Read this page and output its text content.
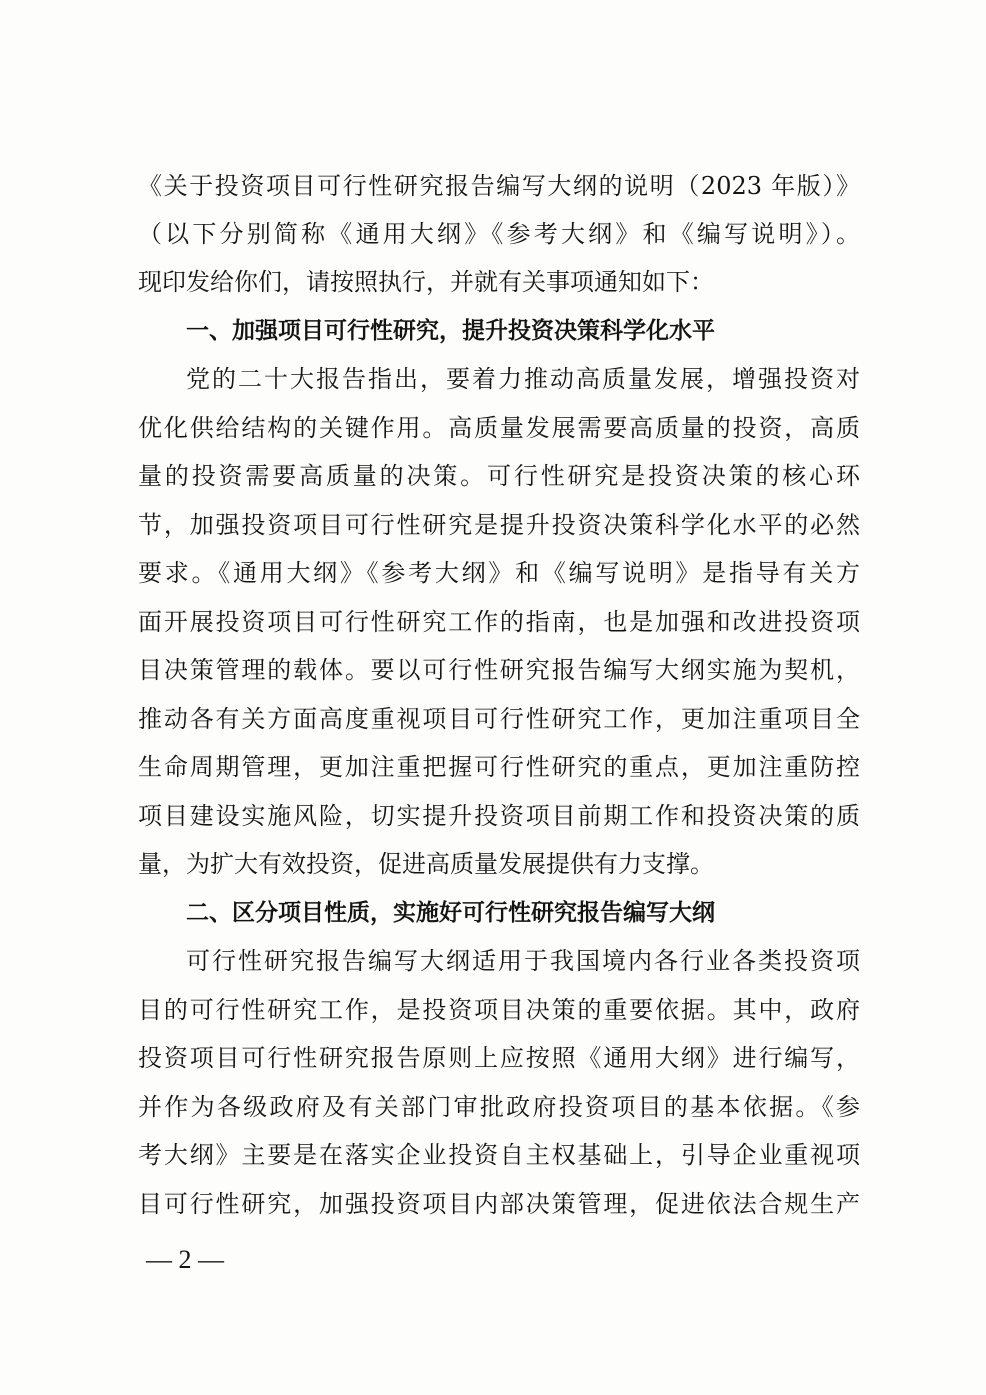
《关于投资项目可行性研究报告编写大纲的说明（2023 年版）》
（以下分别简称《通用大纲》《参考大纲》和《编写说明》）。
现印发给你们，请按照执行，并就有关事项通知如下：
一、加强项目可行性研究，提升投资决策科学化水平
党的二十大报告指出，要着力推动高质量发展，增强投资对
优化供给结构的关键作用。高质量发展需要高质量的投资，高质
量的投资需要高质量的决策。可行性研究是投资决策的核心环
节，加强投资项目可行性研究是提升投资决策科学化水平的必然
要求。《通用大纲》《参考大纲》和《编写说明》是指导有关方
面开展投资项目可行性研究工作的指南，也是加强和改进投资项
目决策管理的载体。要以可行性研究报告编写大纲实施为契机，
推动各有关方面高度重视项目可行性研究工作，更加注重项目全
生命周期管理，更加注重把握可行性研究的重点，更加注重防控
项目建设实施风险，切实提升投资项目前期工作和投资决策的质
量，为扩大有效投资，促进高质量发展提供有力支撑。
二、区分项目性质，实施好可行性研究报告编写大纲
可行性研究报告编写大纲适用于我国境内各行业各类投资项
目的可行性研究工作，是投资项目决策的重要依据。其中，政府
投资项目可行性研究报告原则上应按照《通用大纲》进行编写，
并作为各级政府及有关部门审批政府投资项目的基本依据。《参
考大纲》主要是在落实企业投资自主权基础上，引导企业重视项
目可行性研究，加强投资项目内部决策管理，促进依法合规生产
— 2 —
